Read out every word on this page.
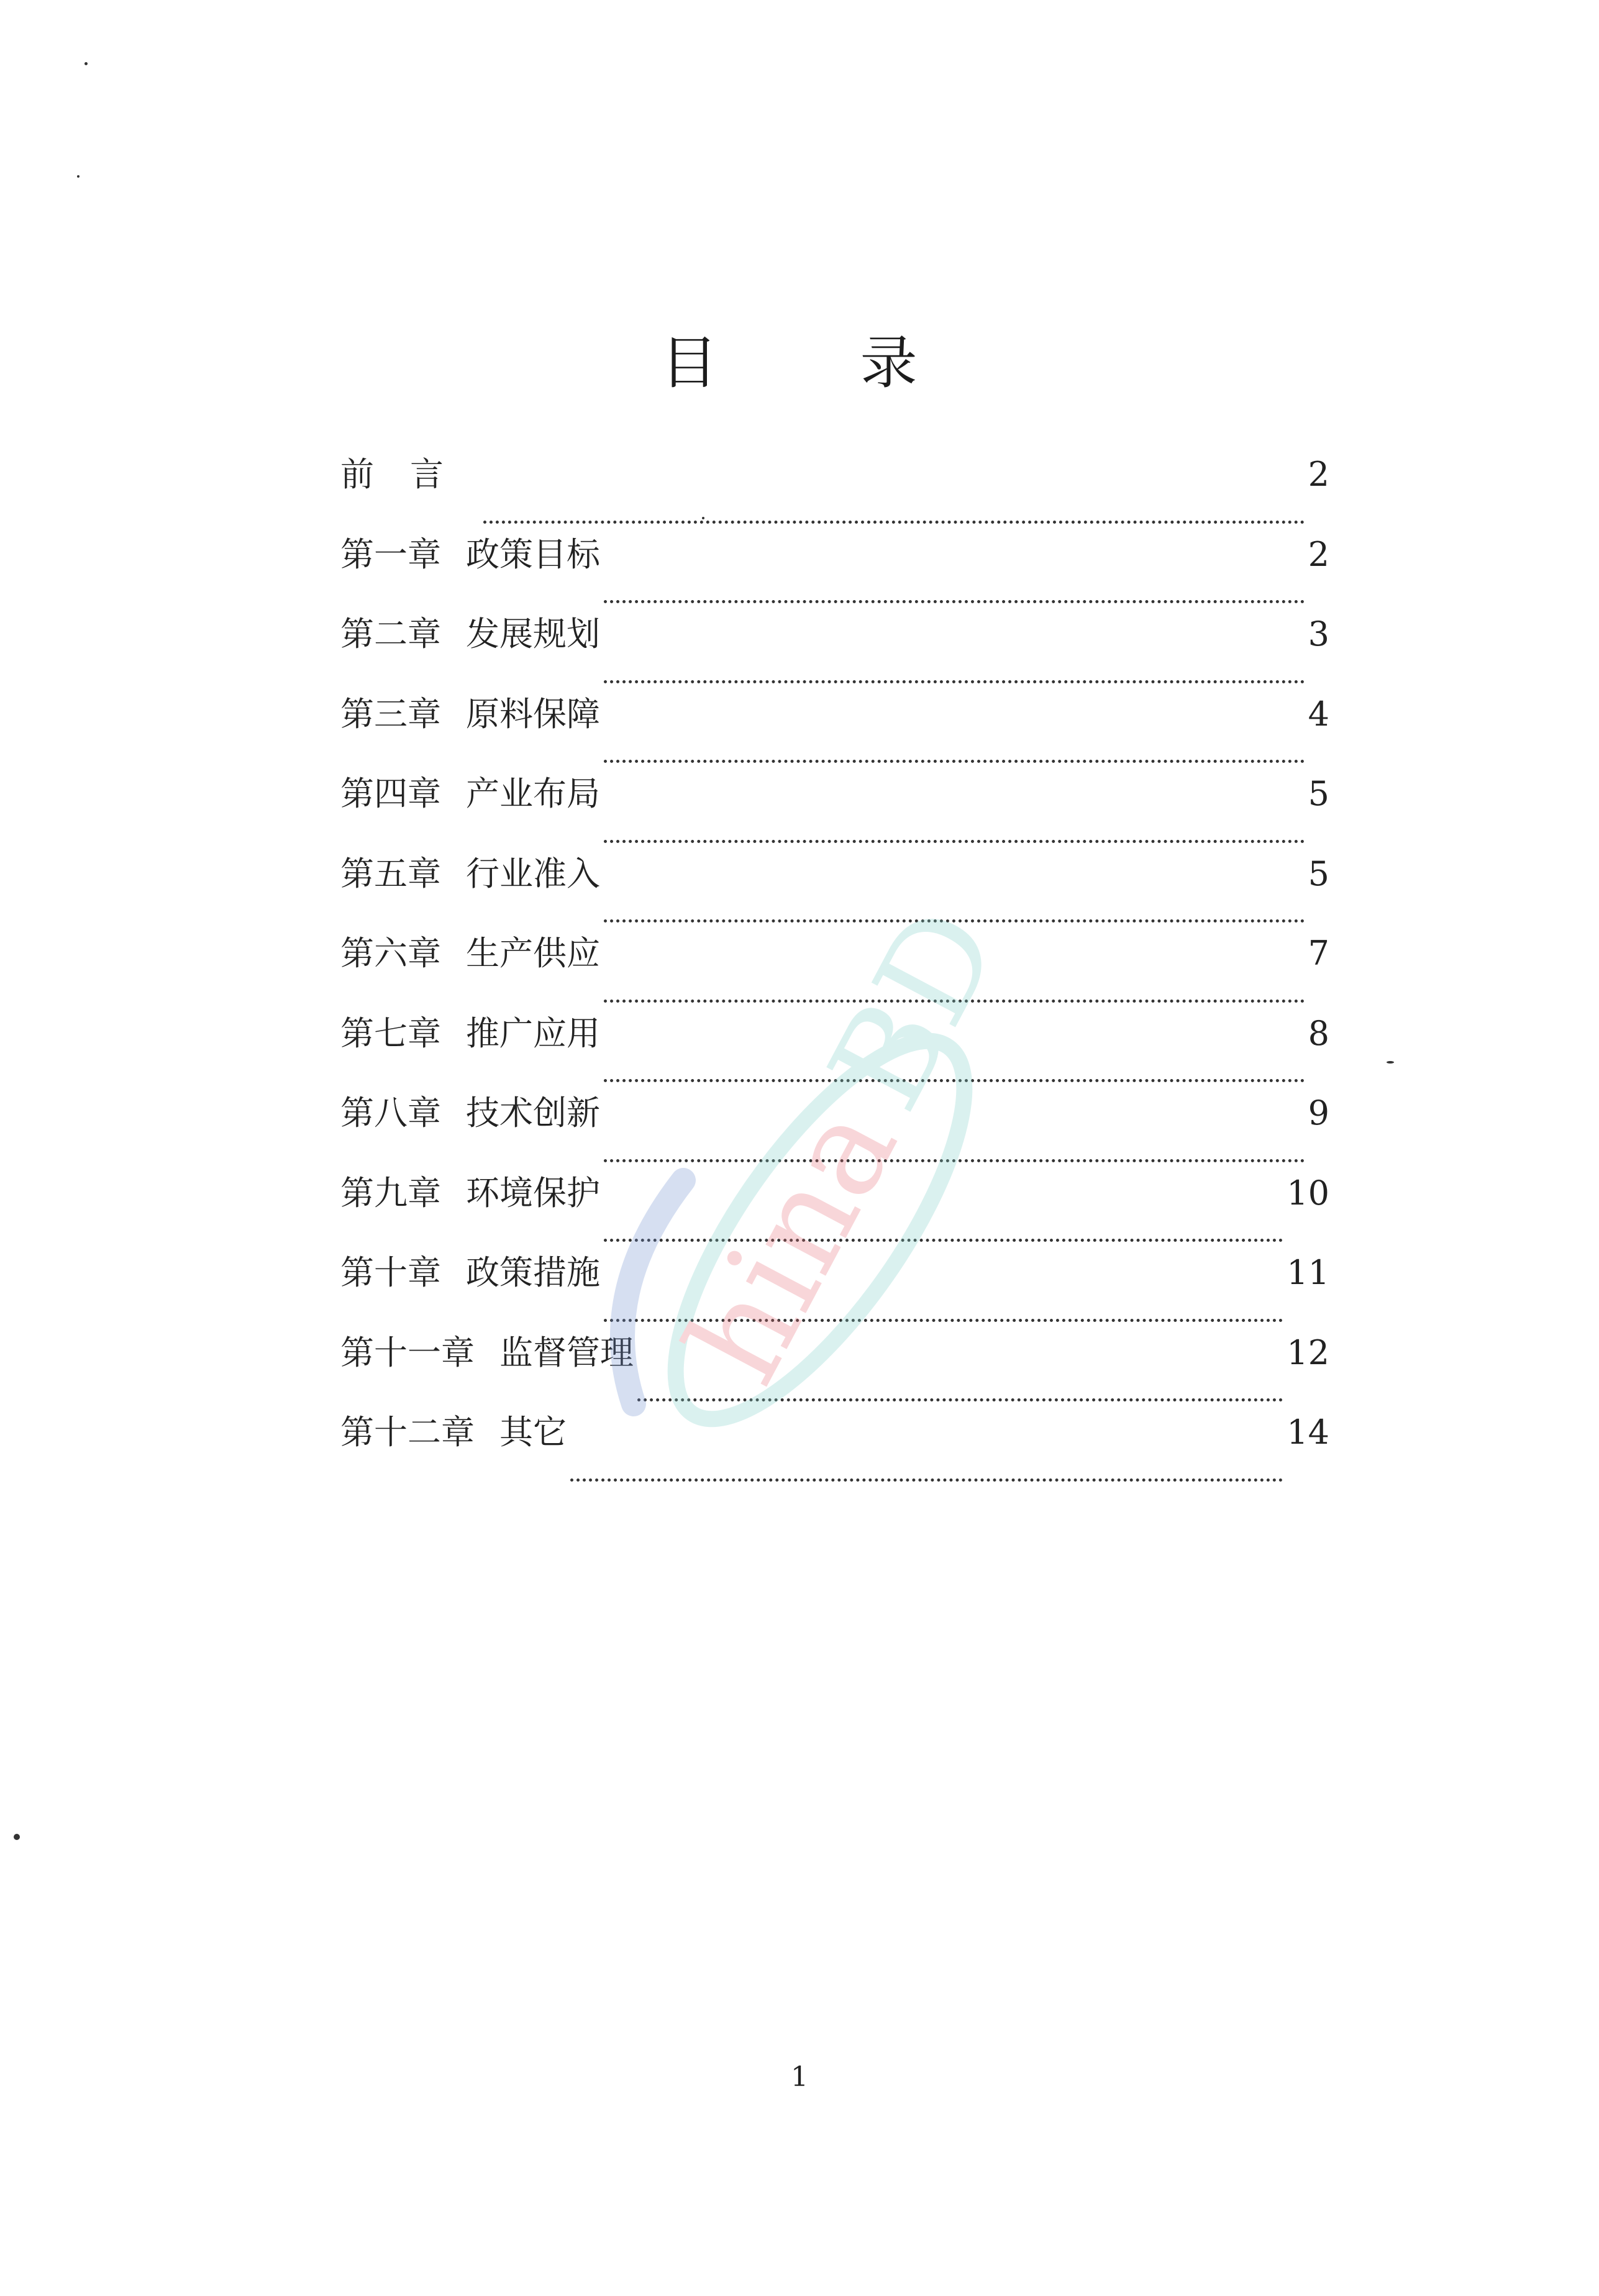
目 录
前言	2
第一章 政策目标	2
第二章 发展规划	3
第三章 原料保障	4
第四章 产业布局	5
第五章 行业准入	5
第六章 生产供应	7
第七章 推广应用	8
第八章 技术创新	9
第九章 环境保护	10
第十章 政策措施	11
第十一章 监督管理	12
第十二章 其它	14
hina
BD
1
